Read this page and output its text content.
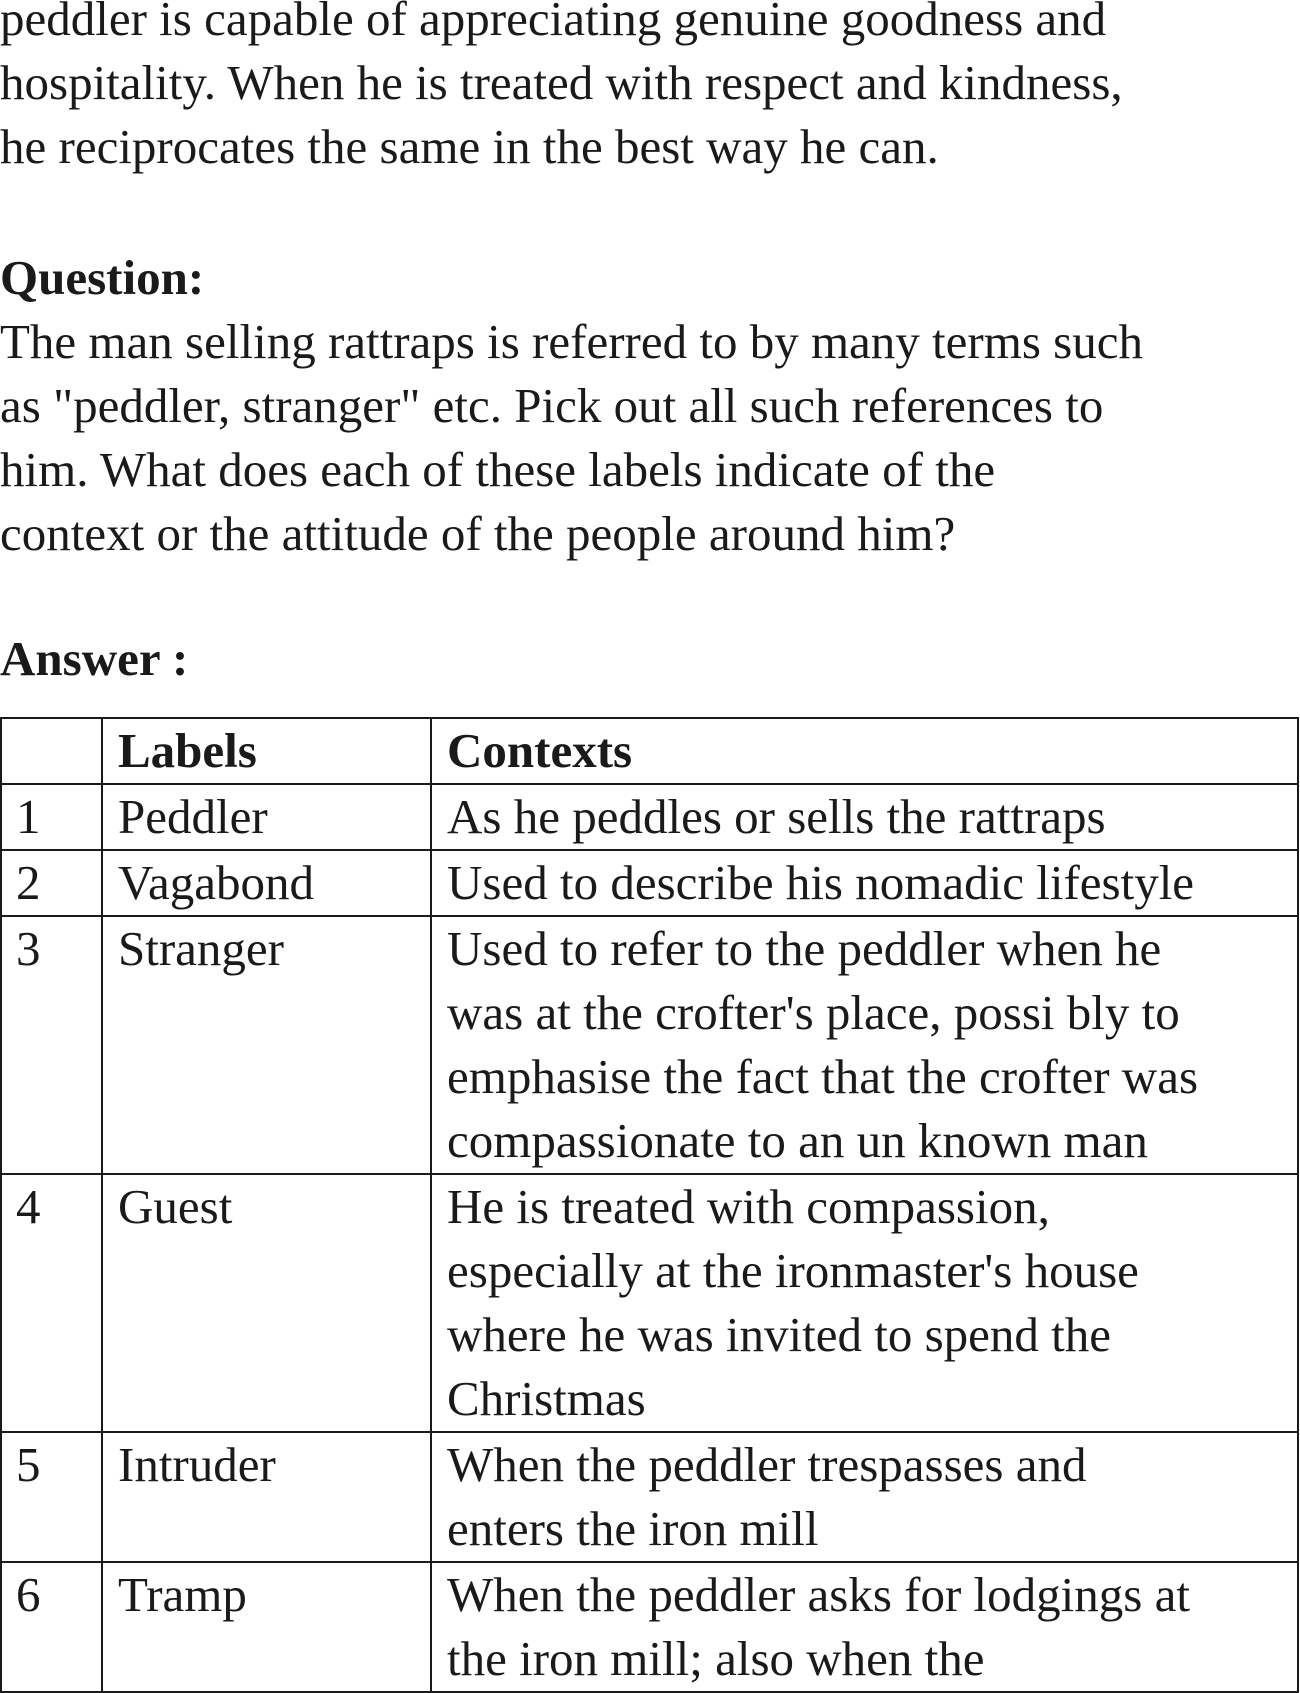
peddler is capable of appreciating genuine goodness and
hospitality. When he is treated with respect and kindness,
he reciprocates the same in the best way he can.
Question:
The man selling rattraps is referred to by many terms such
as "peddler, stranger" etc. Pick out all such references to
him. What does each of these labels indicate of the
context or the attitude of the people around him?
Answer :
	Labels	Contexts
1	Peddler	As he peddles or sells the rattraps

2	Vagabond	Used to describe his nomadic lifestyle

3	Stranger	Used to refer to the peddler when he
was at the crofter's place, possi bly to
emphasise the fact that the crofter was
compassionate to an un known man

4	Guest	He is treated with compassion,
especially at the ironmaster's house
where he was invited to spend the
Christmas

5	Intruder	When the peddler trespasses and
enters the iron mill

6	Tramp	When the peddler asks for lodgings at
the iron mill; also when the
